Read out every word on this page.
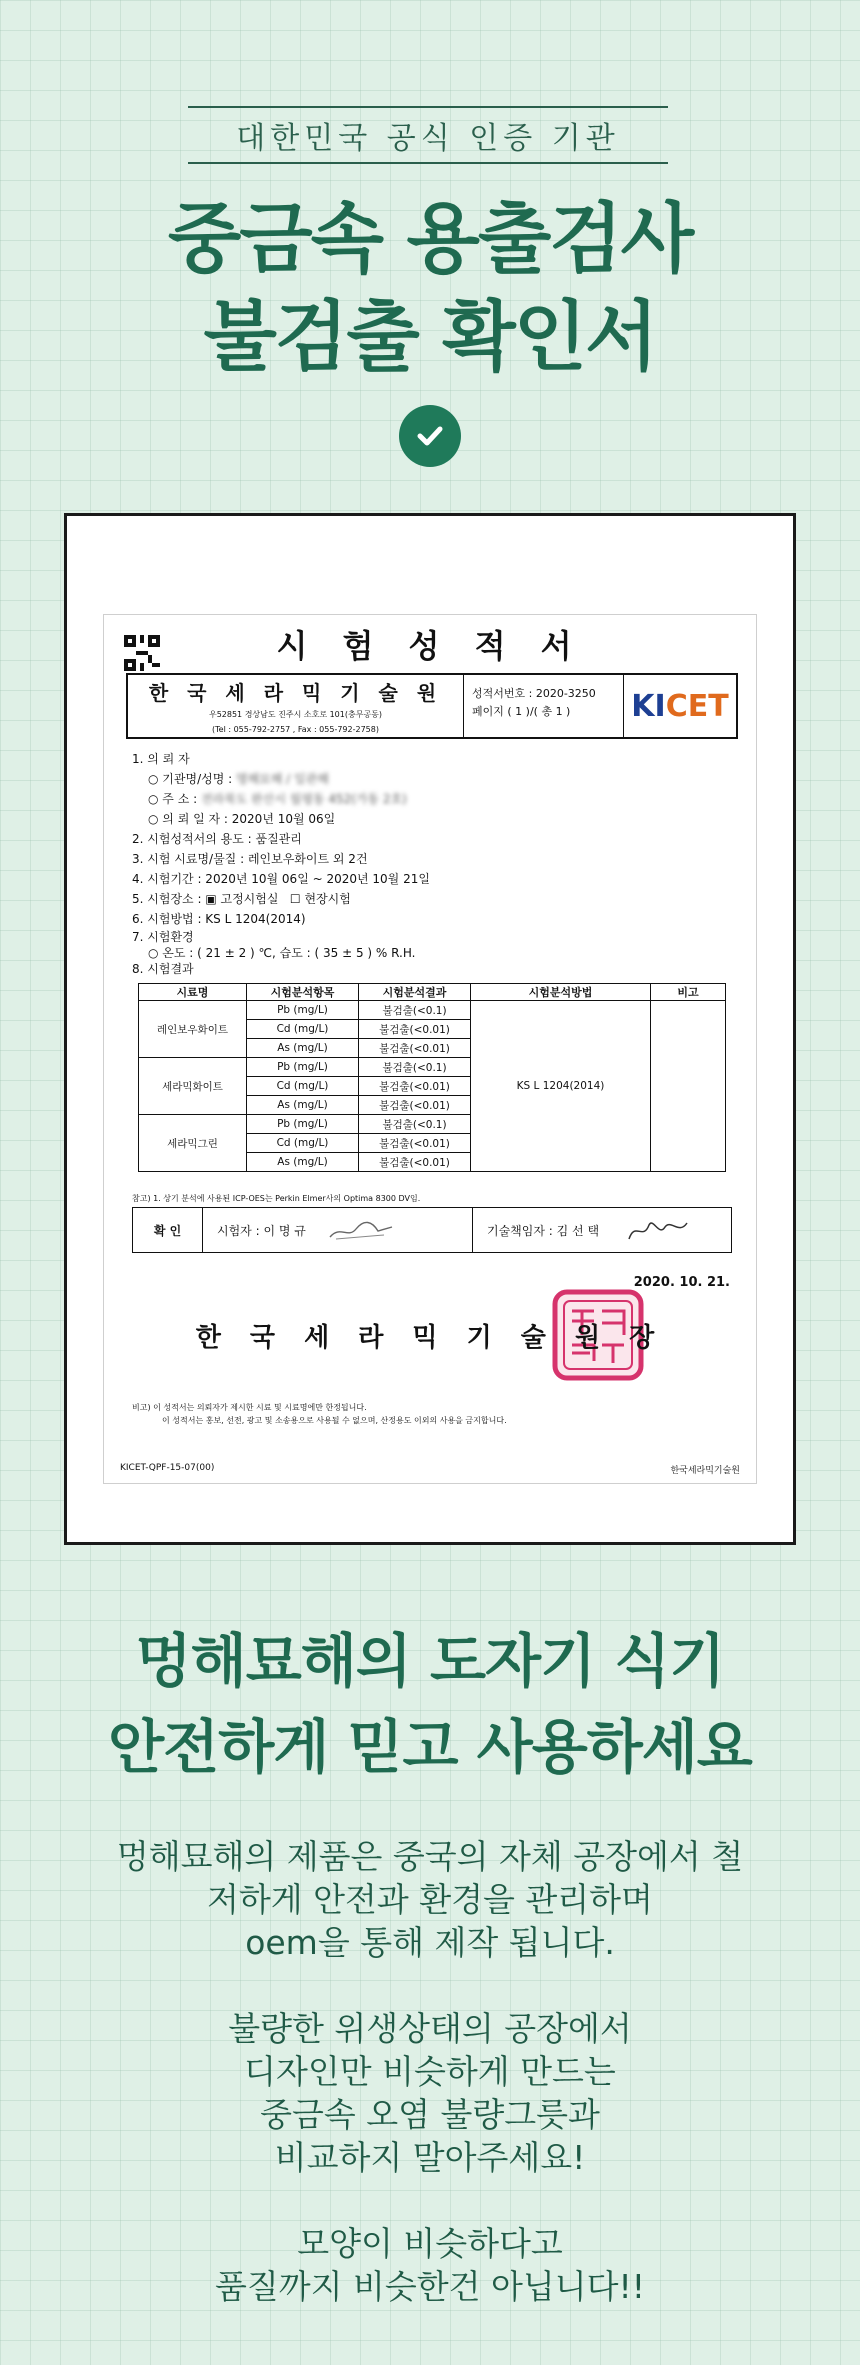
대한민국 공식 인증 기관
중금속 용출검사
불검출 확인서
시 험 성 적 서
한 국 세 라 믹 기 술 원
우52851 경상남도 진주시 소호로 101(충무공동)
(Tel : 055-792-2757 , Fax : 055-792-2758)
성적서번호 : 2020-3250
페이지 ( 1 )/( 총 1 )	KI CET
1. 의 뢰 자
○ 기관명/성명 : 명해묘해 / 일관해
○ 주 소 : 전라북도 완산시 월평동 452(가동 2호)
○ 의 뢰 일 자 : 2020년 10월 06일
2. 시험성적서의 용도 : 품질관리
3. 시험 시료명/물질 : 레인보우화이트 외 2건
4. 시험기간 : 2020년 10월 06일 ~ 2020년 10월 21일
5. 시험장소 : ▣ 고정시험실 ☐ 현장시험
6. 시험방법 : KS L 1204(2014)
7. 시험환경
○ 온도 : ( 21 ± 2 ) ℃, 습도 : ( 35 ± 5 ) % R.H.
8. 시험결과
시료명	시험분석항목	시험분석결과	시험분석방법	비고
레인보우화이트	Pb (mg/L)	불검출(<0.1)	KS L 1204(2014)	
	Cd (mg/L)	불검출(<0.01)		
	As (mg/L)	불검출(<0.01)		
세라믹화이트	Pb (mg/L)	불검출(<0.1)		
	Cd (mg/L)	불검출(<0.01)		
	As (mg/L)	불검출(<0.01)		
세라믹그린	Pb (mg/L)	불검출(<0.1)		
	Cd (mg/L)	불검출(<0.01)		
	As (mg/L)	불검출(<0.01)		
참고) 1. 상기 분석에 사용된 ICP-OES는 Perkin Elmer사의 Optima 8300 DV임.
확 인	시험자 : 이 명 규	기술책임자 : 김 선 택
2020. 10. 21.
한 국 세 라 믹 기 술 원 장
비고) 이 성적서는 의뢰자가 제시한 시료 및 시료명에만 한정됩니다.
이 성적서는 홍보, 선전, 광고 및 소송용으로 사용될 수 없으며, 산정용도 이외의 사용을 금지합니다.
KICET-QPF-15-07(00)	한국세라믹기술원
멍해묘해의 도자기 식기
안전하게 믿고 사용하세요
멍해묘해의 제품은 중국의 자체 공장에서 철
저하게 안전과 환경을 관리하며
oem을 통해 제작 됩니다.
불량한 위생상태의 공장에서
디자인만 비슷하게 만드는
중금속 오염 불량그릇과
비교하지 말아주세요!
모양이 비슷하다고
품질까지 비슷한건 아닙니다!!
